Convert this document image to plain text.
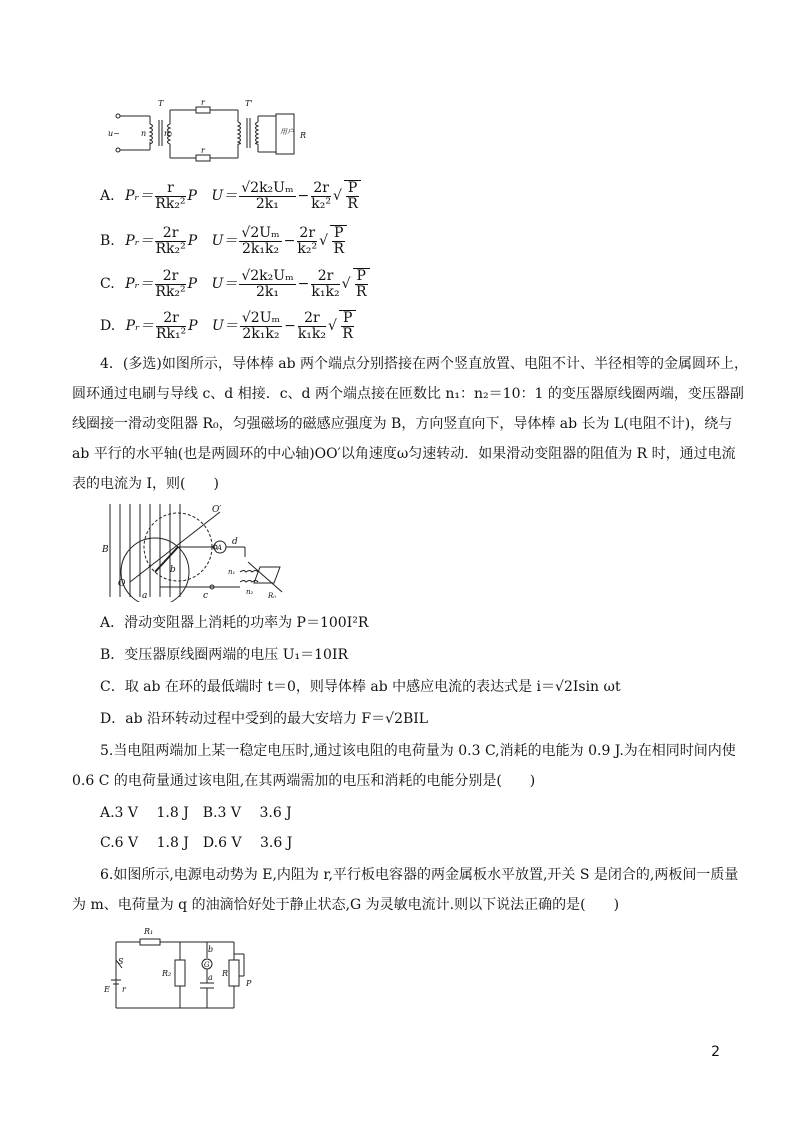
T	T'
r
r
n n₂
u~	用户 R
A. Pᵣ＝ $\frac{r}{\text{Rk₂²}}$ P $U= \frac{\text{√2k₂Uₘ}}{\text{2k₁}} - \frac{2r}{\text{k₂²}}$ √ $\frac{P}{R}$
B. Pᵣ＝ $\frac{2r}{\text{Rk₂²}}$ P $U= \frac{\text{√2Uₘ}}{\text{2k₁k₂}} - \frac{2r}{\text{k₂²}}$ √ $\frac{P}{R}$
C. Pᵣ＝ $\frac{2r}{\text{Rk₂²}}$ P $U= \frac{\text{√2k₂Uₘ}}{\text{2k₁}} - \frac{2r}{\text{k₁k₂}}$ √ $\frac{P}{R}$
D. Pᵣ＝ $\frac{2r}{\text{Rk₁²}}$ P $U= \frac{\text{√2Uₘ}}{\text{2k₁k₂}} - \frac{2r}{\text{k₁k₂}}$ √ $\frac{P}{R}$
4．(多选)如图所示，导体棒 ab 两个端点分别搭接在两个竖直放置、电阻不计、半径相等的金属圆环上，
圆环通过电刷与导线 c、d 相接．c、d 两个端点接在匝数比 n₁：n₂＝10：1 的变压器原线圈两端，变压器副
线圈接一滑动变阻器 R₀，匀强磁场的磁感应强度为 B，方向竖直向下，导体棒 ab 长为 L(电阻不计)，绕与
ab 平行的水平轴(也是两圆环的中心轴)OO′以角速度ω匀速转动．如果滑动变阻器的阻值为 R 时，通过电流
表的电流为 I，则(　　)
B
O
O′
a
b
A
c
d
n₁
n₂ R₀
A．滑动变阻器上消耗的功率为 P＝100I²R
B．变压器原线圈两端的电压 U₁＝10IR
C．取 ab 在环的最低端时 t＝0，则导体棒 ab 中感应电流的表达式是 i＝√2Isin ωt
D．ab 沿环转动过程中受到的最大安培力 F＝√2BIL
5.当电阻两端加上某一稳定电压时,通过该电阻的电荷量为 0.3 C,消耗的电能为 0.9 J.为在相同时间内使
0.6 C 的电荷量通过该电阻,在其两端需加的电压和消耗的电能分别是(　　)
A.3 V　 1.8 J　B.3 V　 3.6 J
C.6 V　 1.8 J　D.6 V　 3.6 J
6.如图所示,电源电动势为 E,内阻为 r,平行板电容器的两金属板水平放置,开关 S 是闭合的,两板间一质量
为 m、电荷量为 q 的油滴恰好处于静止状态,G 为灵敏电流计.则以下说法正确的是(　　)
R₁
R₂
S
E r
G
b
a R
P
2
